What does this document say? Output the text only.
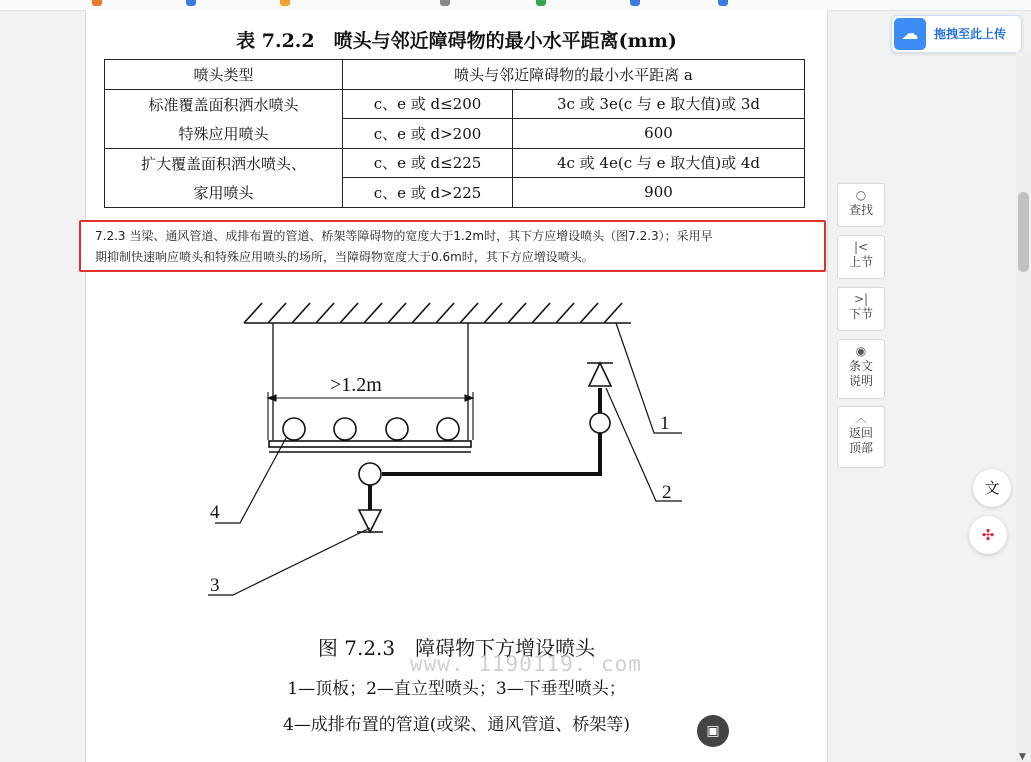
表 7.2.2　喷头与邻近障碍物的最小水平距离(mm)
喷头类型	喷头与邻近障碍物的最小水平距离 a	
标准覆盖面积洒水喷头	c、e 或 d≤200	3c 或 3e(c 与 e 取大值)或 3d
特殊应用喷头	c、e 或 d>200	600
扩大覆盖面积洒水喷头、	c、e 或 d≤225	4c 或 4e(c 与 e 取大值)或 4d
家用喷头	c、e 或 d>225	900
>1.2m
1
2
3
4
图 7.2.3　障碍物下方增设喷头
1—顶板；2—直立型喷头；3—下垂型喷头；
4—成排布置的管道(或梁、通风管道、桥架等)
7.2.3 当梁、通风管道、成排布置的管道、桥架等障碍物的宽度大于1.2m时，其下方应增设喷头（图7.2.3）；采用早
期抑制快速响应喷头和特殊应用喷头的场所，当障碍物宽度大于0.6m时，其下方应增设喷头。
www. 1190119. com
☁	拖拽至此上传
○
查找
|<
上节
>|
下节
◉
条文说明
︿
返回顶部
文
✣
▣
▼
